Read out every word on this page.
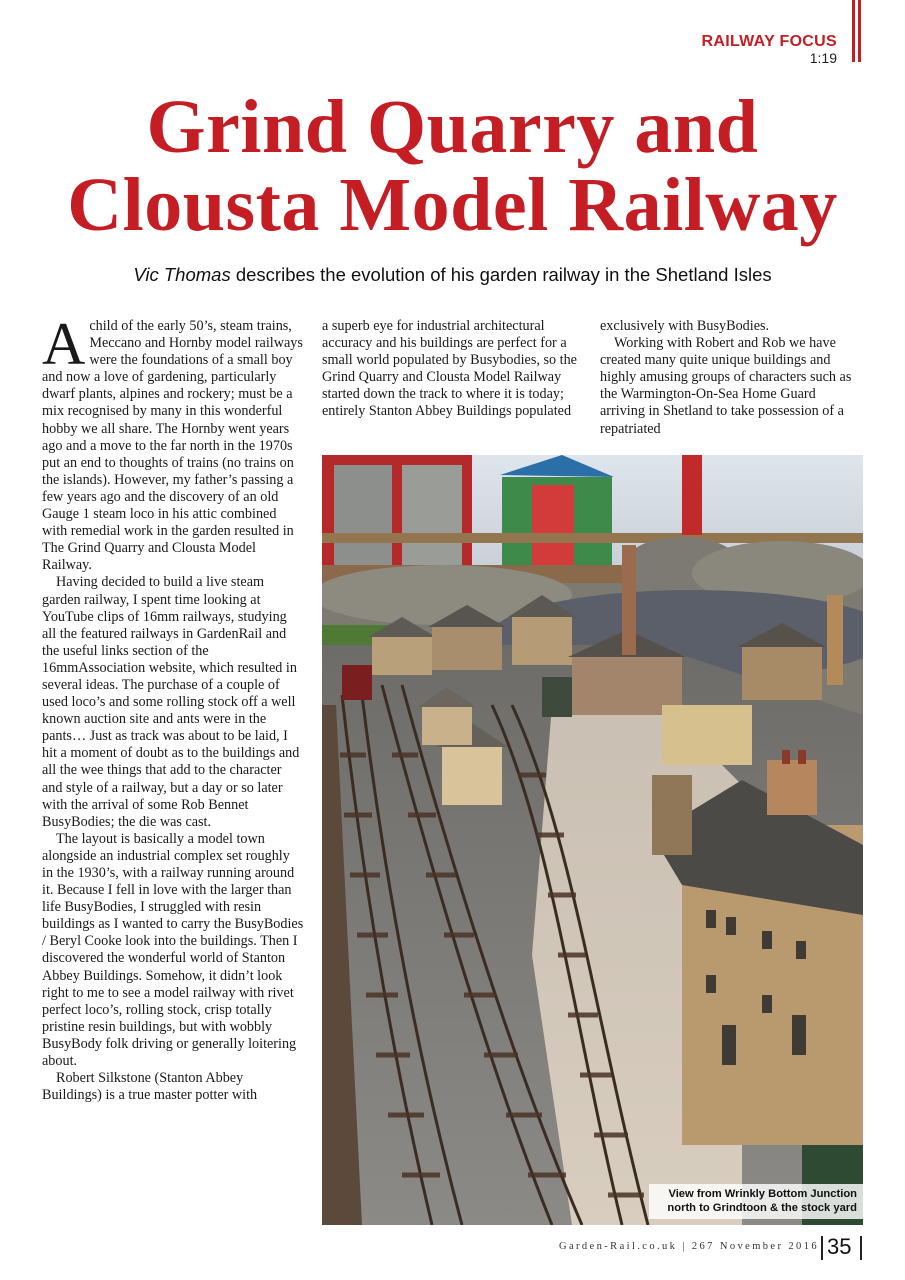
RAILWAY FOCUS
1:19
Grind Quarry and
Clousta Model Railway
Vic Thomas describes the evolution of his garden railway in the Shetland Isles

Achild of the early 50’s, steam trains, Meccano and Hornby model railways were the foundations of a small boy and now a love of gardening, particularly dwarf plants, alpines and rockery; must be a mix recognised by many in this wonderful hobby we all share. The Hornby went years ago and a move to the far north in the 1970s put an end to thoughts of trains (no trains on the islands). However, my father’s passing a few years ago and the discovery of an old Gauge 1 steam loco in his attic combined with remedial work in the garden resulted in The Grind Quarry and Clousta Model Railway.

Having decided to build a live steam garden railway, I spent time looking at YouTube clips of 16mm railways, studying all the featured railways in GardenRail and the useful links section of the 16mmAssociation website, which resulted in several ideas. The purchase of a couple of used loco’s and some rolling stock off a well known auction site and ants were in the pants… Just as track was about to be laid, I hit a moment of doubt as to the buildings and all the wee things that add to the character and style of a railway, but a day or so later with the arrival of some Rob Bennet BusyBodies; the die was cast.

The layout is basically a model town alongside an industrial complex set roughly in the 1930’s, with a railway running around it. Because I fell in love with the larger than life BusyBodies, I struggled with resin buildings as I wanted to carry the BusyBodies / Beryl Cooke look into the buildings. Then I discovered the wonderful world of Stanton Abbey Buildings. Somehow, it didn’t look right to me to see a model railway with rivet perfect loco’s, rolling stock, crisp totally pristine resin buildings, but with wobbly BusyBody folk driving or generally loitering about.

Robert Silkstone (Stanton Abbey Buildings) is a true master potter with

a superb eye for industrial architectural accuracy and his buildings are perfect for a small world populated by Busybodies, so the Grind Quarry and Clousta Model Railway started down the track to where it is today; entirely Stanton Abbey Buildings populated

exclusively with BusyBodies.

Working with Robert and Rob we have created many quite unique buildings and highly amusing groups of characters such as the Warmington-On-Sea Home Guard arriving in Shetland to take possession of a repatriated

View from Wrinkly Bottom Junction
north to Grindtoon & the stock yard
Garden-Rail.co.uk | 267 November 2016 35
